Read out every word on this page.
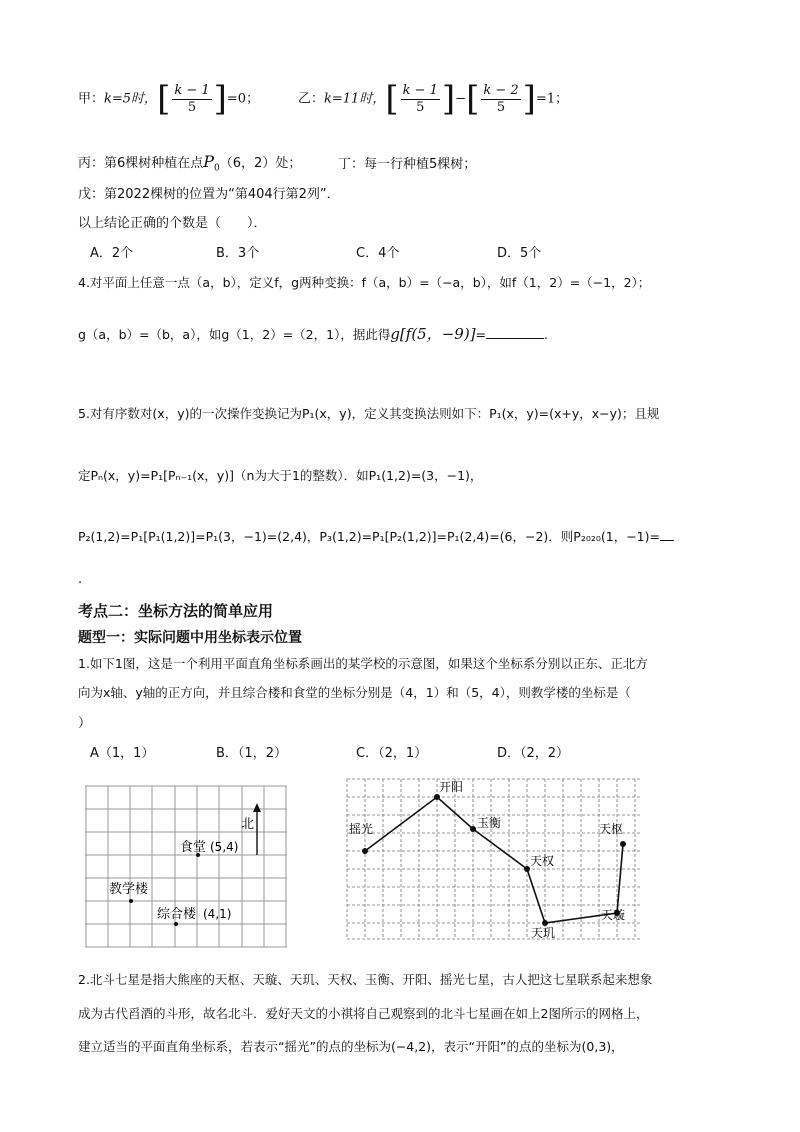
甲：k=5时，[ $\frac{k - 1}{5} ]=0$；	乙：k=11时，[ $\frac{k - 1}{5}$ ]−[ $\frac{k - 2}{5} ]=1$；
丙：第6棵树种植在点$P_0(6$，2）处；	丁：每一行种植5棵树；
戊：第2022棵树的位置为“第404行第2列”．
以上结论正确的个数是（　　）．
A．2个	B．3个	C．4个	D．5个
4.对平面上任意一点（a，b），定义f，g两种变换：f（a，b）=（−a，b），如f（1，2）=（−1，2）；
g（a，b）=（b，a），如g（1，2）=（2，1），据此得g[f(5，−9)]=	.
5.对有序数对(x，y)的一次操作变换记为P₁(x，y)，定义其变换法则如下：P₁(x，y)=(x+y，x−y)；且规
定Pₙ(x，y)=P₁[Pₙ₋₁(x，y)]（n为大于1的整数）．如P₁(1,2)=(3，−1)，
P₂(1,2)=P₁[P₁(1,2)]=P₁(3，−1)=(2,4)，P₃(1,2)=P₁[P₂(1,2)]=P₁(2,4)=(6，−2)．则P₂₀₂₀(1，−1)=
.
考点二：坐标方法的简单应用
题型一：实际问题中用坐标表示位置
1.如下1图，这是一个利用平面直角坐标系画出的某学校的示意图，如果这个坐标系分别以正东、正北方
向为x轴、y轴的正方向，并且综合楼和食堂的坐标分别是（4，1）和（5，4），则教学楼的坐标是（
）
A（1，1）	B．（1，2）	C．（2，1）	D．（2，2）
北
食堂 (5,4)
教学楼
综合楼 (4,1)
摇光
开阳
玉衡
天权
天玑
天璇
天枢
2.北斗七星是指大熊座的天枢、天璇、天玑、天权、玉衡、开阳、摇光七星，古人把这七星联系起来想象
成为古代舀酒的斗形，故名北斗．爱好天文的小祺将自己观察到的北斗七星画在如上2图所示的网格上，
建立适当的平面直角坐标系，若表示“摇光”的点的坐标为(−4,2)，表示“开阳”的点的坐标为(0,3)，
